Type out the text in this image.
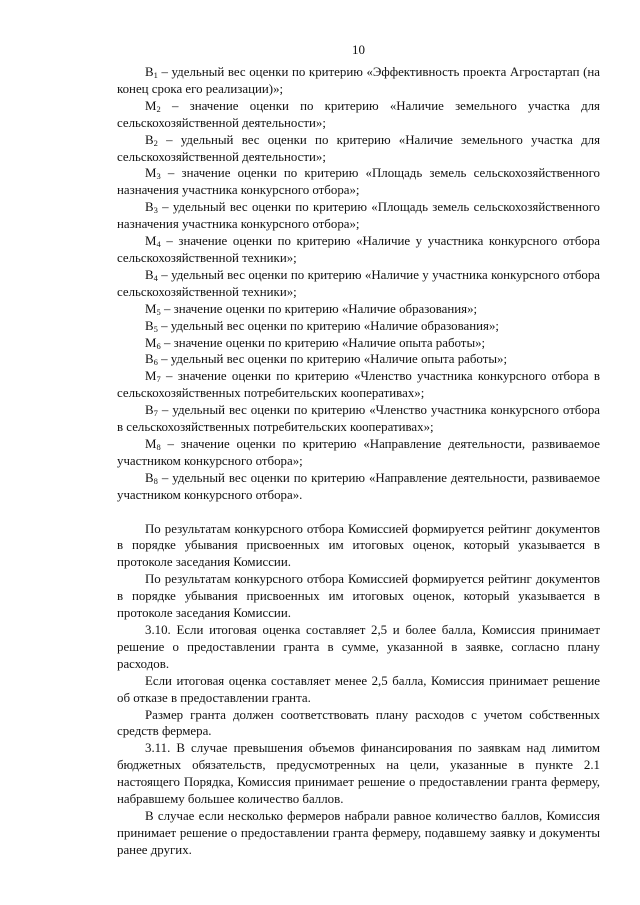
10

$B_1$ – удельный вес оценки по критерию «Эффективность проекта Агростартап (на конец срока его реализации)»;

$M_2$ – значение оценки по критерию «Наличие земельного участка для сельскохозяйственной деятельности»;

$B_2$ – удельный вес оценки по критерию «Наличие земельного участка для сельскохозяйственной деятельности»;

$M_3$ – значение оценки по критерию «Площадь земель сельскохозяйственного назначения участника конкурсного отбора»;

$B_3$ – удельный вес оценки по критерию «Площадь земель сельскохозяйственного назначения участника конкурсного отбора»;

$M_4$ – значение оценки по критерию «Наличие у участника конкурсного отбора сельскохозяйственной техники»;

$B_4$ – удельный вес оценки по критерию «Наличие у участника конкурсного отбора сельскохозяйственной техники»;

$M_5$ – значение оценки по критерию «Наличие образования»;

$B_5$ – удельный вес оценки по критерию «Наличие образования»;

$M_6$ – значение оценки по критерию «Наличие опыта работы»;

$B_6$ – удельный вес оценки по критерию «Наличие опыта работы»;

$M_7$ – значение оценки по критерию «Членство участника конкурсного отбора в сельскохозяйственных потребительских кооперативах»;

$B_7$ – удельный вес оценки по критерию «Членство участника конкурсного отбора в сельскохозяйственных потребительских кооперативах»;

$M_8$ – значение оценки по критерию «Направление деятельности, развиваемое участником конкурсного отбора»;

$B_8$ – удельный вес оценки по критерию «Направление деятельности, развиваемое участником конкурсного отбора».

По результатам конкурсного отбора Комиссией формируется рейтинг документов в порядке убывания присвоенных им итоговых оценок, который указывается в протоколе заседания Комиссии.

По результатам конкурсного отбора Комиссией формируется рейтинг документов в порядке убывания присвоенных им итоговых оценок, который указывается в протоколе заседания Комиссии.

3.10. Если итоговая оценка составляет 2,5 и более балла, Комиссия принимает решение о предоставлении гранта в сумме, указанной в заявке, согласно плану расходов.

Если итоговая оценка составляет менее 2,5 балла, Комиссия принимает решение об отказе в предоставлении гранта.

Размер гранта должен соответствовать плану расходов с учетом собственных средств фермера.

3.11. В случае превышения объемов финансирования по заявкам над лимитом бюджетных обязательств, предусмотренных на цели, указанные в пункте 2.1 настоящего Порядка, Комиссия принимает решение о предоставлении гранта фермеру, набравшему большее количество баллов.

В случае если несколько фермеров набрали равное количество баллов, Комиссия принимает решение о предоставлении гранта фермеру, подавшему заявку и документы ранее других.
